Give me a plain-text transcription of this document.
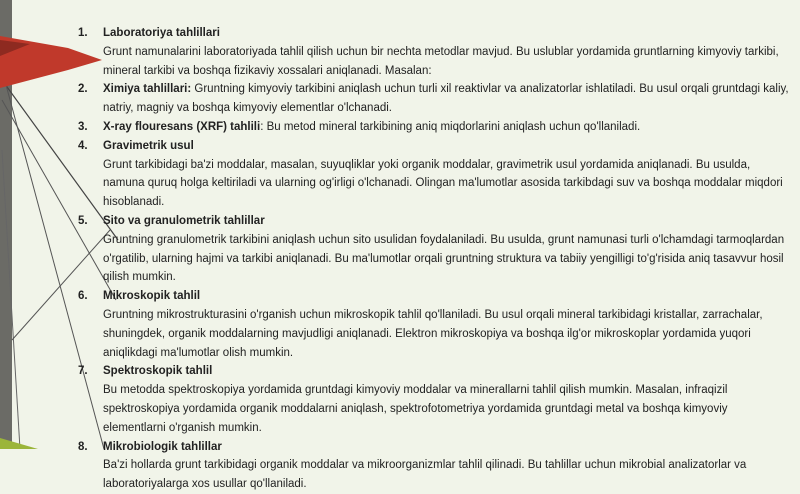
1.	Laboratoriya tahlillari
Grunt namunalarini laboratoriyada tahlil qilish uchun bir nechta metodlar mavjud. Bu uslublar yordamida gruntlarning kimyoviy tarkibi, mineral tarkibi va boshqa fizikaviy xossalari aniqlanadi. Masalan:
2.	Ximiya tahlillari: Gruntning kimyoviy tarkibini aniqlash uchun turli xil reaktivlar va analizatorlar ishlatiladi. Bu usul orqali gruntdagi kaliy, natriy, magniy va boshqa kimyoviy elementlar o'lchanadi.
3.	X-ray flouresans (XRF) tahlili: Bu metod mineral tarkibining aniq miqdorlarini aniqlash uchun qo'llaniladi.
4.	Gravimetrik usul
Grunt tarkibidagi ba'zi moddalar, masalan, suyuqliklar yoki organik moddalar, gravimetrik usul yordamida aniqlanadi. Bu usulda, namuna quruq holga keltiriladi va ularning og'irligi o'lchanadi. Olingan ma'lumotlar asosida tarkibdagi suv va boshqa moddalar miqdori hisoblanadi.
5.	Sito va granulometrik tahlillar
Gruntning granulometrik tarkibini aniqlash uchun sito usulidan foydalaniladi. Bu usulda, grunt namunasi turli o'lchamdagi tarmoqlardan o'rgatilib, ularning hajmi va tarkibi aniqlanadi. Bu ma'lumotlar orqali gruntning struktura va tabiiy yengilligi to'g'risida aniq tasavvur hosil qilish mumkin.
6.	Mikroskopik tahlil
Gruntning mikrostrukturasini o'rganish uchun mikroskopik tahlil qo'llaniladi. Bu usul orqali mineral tarkibidagi kristallar, zarrachalar, shuningdek, organik moddalarning mavjudligi aniqlanadi. Elektron mikroskopiya va boshqa ilg'or mikroskoplar yordamida yuqori aniqlikdagi ma'lumotlar olish mumkin.
7.	Spektroskopik tahlil
Bu metodda spektroskopiya yordamida gruntdagi kimyoviy moddalar va minerallarni tahlil qilish mumkin. Masalan, infraqizil spektroskopiya yordamida organik moddalarni aniqlash, spektrofotometriya yordamida gruntdagi metal va boshqa kimyoviy elementlarni o'rganish mumkin.
8.	Mikrobiologik tahlillar
Ba'zi hollarda grunt tarkibidagi organik moddalar va mikroorganizmlar tahlil qilinadi. Bu tahlillar uchun mikrobial analizatorlar va laboratoriyalarga xos usullar qo'llaniladi.
